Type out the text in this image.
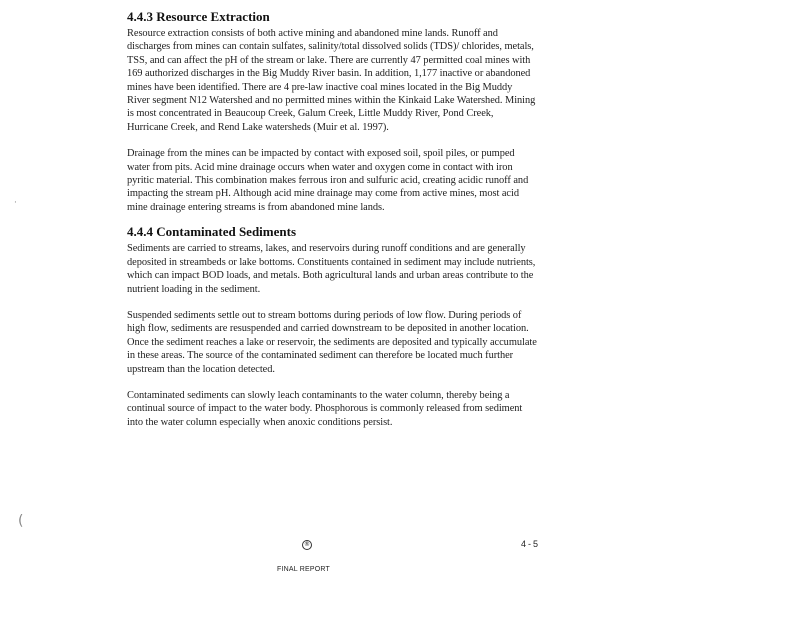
4.4.3 Resource Extraction

Resource extraction consists of both active mining and abandoned mine lands. Runoff and discharges from mines can contain sulfates, salinity/total dissolved solids (TDS)/ chlorides, metals, TSS, and can affect the pH of the stream or lake. There are currently 47 permitted coal mines with 169 authorized discharges in the Big Muddy River basin. In addition, 1,177 inactive or abandoned mines have been identified. There are 4 pre-law inactive coal mines located in the Big Muddy River segment N12 Watershed and no permitted mines within the Kinkaid Lake Watershed. Mining is most concentrated in Beaucoup Creek, Galum Creek, Little Muddy River, Pond Creek, Hurricane Creek, and Rend Lake watersheds (Muir et al. 1997).

Drainage from the mines can be impacted by contact with exposed soil, spoil piles, or pumped water from pits. Acid mine drainage occurs when water and oxygen come in contact with iron pyritic material. This combination makes ferrous iron and sulfuric acid, creating acidic runoff and impacting the stream pH. Although acid mine drainage may come from active mines, most acid mine drainage entering streams is from abandoned mine lands.

4.4.4 Contaminated Sediments

Sediments are carried to streams, lakes, and reservoirs during runoff conditions and are generally deposited in streambeds or lake bottoms. Constituents contained in sediment may include nutrients, which can impact BOD loads, and metals. Both agricultural lands and urban areas contribute to the nutrient loading in the sediment.

Suspended sediments settle out to stream bottoms during periods of low flow. During periods of high flow, sediments are resuspended and carried downstream to be deposited in another location. Once the sediment reaches a lake or reservoir, the sediments are deposited and typically accumulate in these areas. The source of the contaminated sediment can therefore be located much further upstream than the location detected.

Contaminated sediments can slowly leach contaminants to the water column, thereby being a continual source of impact to the water body. Phosphorous is commonly released from sediment into the water column especially when anoxic conditions persist.

®	4-5
FINAL REPORT
·
(
